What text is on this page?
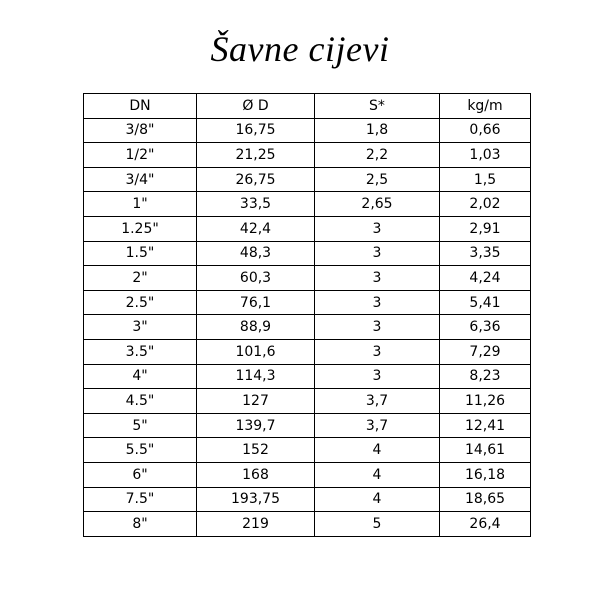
Šavne cijevi
DN	Ø D	S*	kg/m
3/8"	16,75	1,8	0,66
1/2"	21,25	2,2	1,03
3/4"	26,75	2,5	1,5
1"	33,5	2,65	2,02
1.25"	42,4	3	2,91
1.5"	48,3	3	3,35
2"	60,3	3	4,24
2.5"	76,1	3	5,41
3"	88,9	3	6,36
3.5"	101,6	3	7,29
4"	114,3	3	8,23
4.5"	127	3,7	11,26
5"	139,7	3,7	12,41
5.5"	152	4	14,61
6"	168	4	16,18
7.5"	193,75	4	18,65
8"	219	5	26,4
